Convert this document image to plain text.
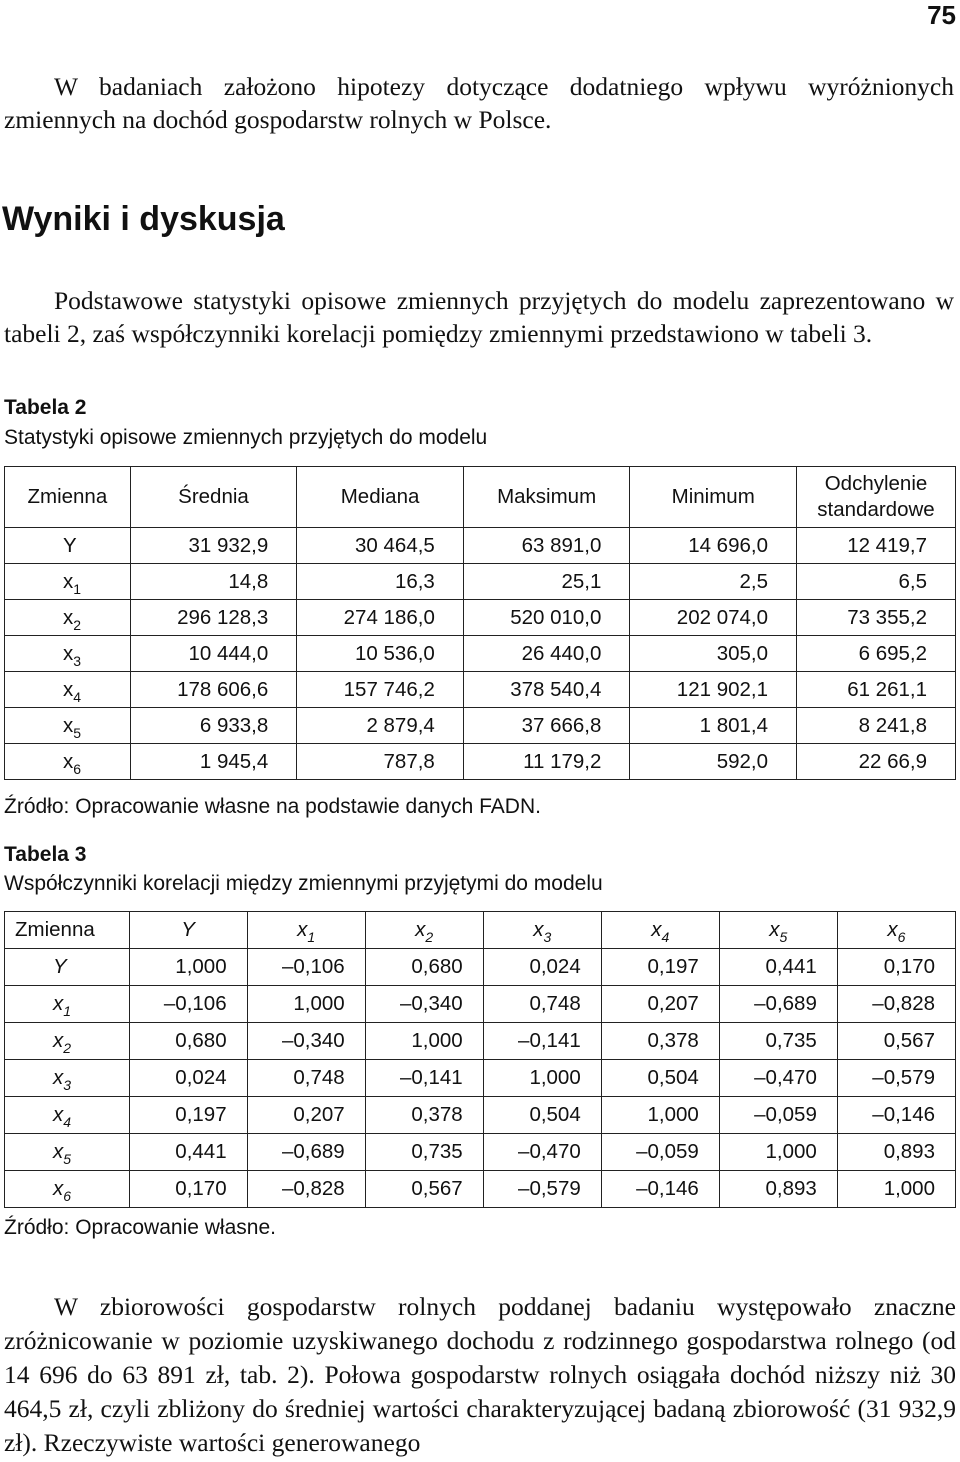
75
W badaniach założono hipotezy dotyczące dodatniego wpływu wyróżnionych zmiennych na dochód gospodarstw rolnych w Polsce.
Wyniki i dyskusja
Podstawowe statystyki opisowe zmiennych przyjętych do modelu zaprezentowano w tabeli 2, zaś współczynniki korelacji pomiędzy zmiennymi przedstawiono w tabeli 3.
Tabela 2
Statystyki opisowe zmiennych przyjętych do modelu
Zmienna	Średnia	Mediana	Maksimum	Minimum	Odchylenie standardowe
Y	31 932,9	30 464,5	63 891,0	14 696,0	12 419,7
$x_1$	14,8	16,3	25,1	2,5	6,5
$x_2$	296 128,3	274 186,0	520 010,0	202 074,0	73 355,2
$x_3$	10 444,0	10 536,0	26 440,0	305,0	6 695,2
$x_4$	178 606,6	157 746,2	378 540,4	121 902,1	61 261,1
$x_5$	6 933,8	2 879,4	37 666,8	1 801,4	8 241,8
$x_6$	1 945,4	787,8	11 179,2	592,0	22 66,9
Źródło: Opracowanie własne na podstawie danych FADN.
Tabela 3
Współczynniki korelacji między zmiennymi przyjętymi do modelu
Zmienna	Y	$x_1$	$x_2$	$x_3$	$x_4$	$x_5$	$x_6$
Y	1,000	–0,106	0,680	0,024	0,197	0,441	0,170
$x_1$	–0,106	1,000	–0,340	0,748	0,207	–0,689	–0,828
$x_2$	0,680	–0,340	1,000	–0,141	0,378	0,735	0,567
$x_3$	0,024	0,748	–0,141	1,000	0,504	–0,470	–0,579
$x_4$	0,197	0,207	0,378	0,504	1,000	–0,059	–0,146
$x_5$	0,441	–0,689	0,735	–0,470	–0,059	1,000	0,893
$x_6$	0,170	–0,828	0,567	–0,579	–0,146	0,893	1,000
Źródło: Opracowanie własne.
W zbiorowości gospodarstw rolnych poddanej badaniu występowało znaczne zróżnicowanie w poziomie uzyskiwanego dochodu z rodzinnego gospodarstwa rolnego (od 14 696 do 63 891 zł, tab. 2). Połowa gospodarstw rolnych osiągała dochód niższy niż 30 464,5 zł, czyli zbliżony do średniej wartości charakteryzującej badaną zbiorowość (31 932,9 zł). Rzeczywiste wartości generowanego
